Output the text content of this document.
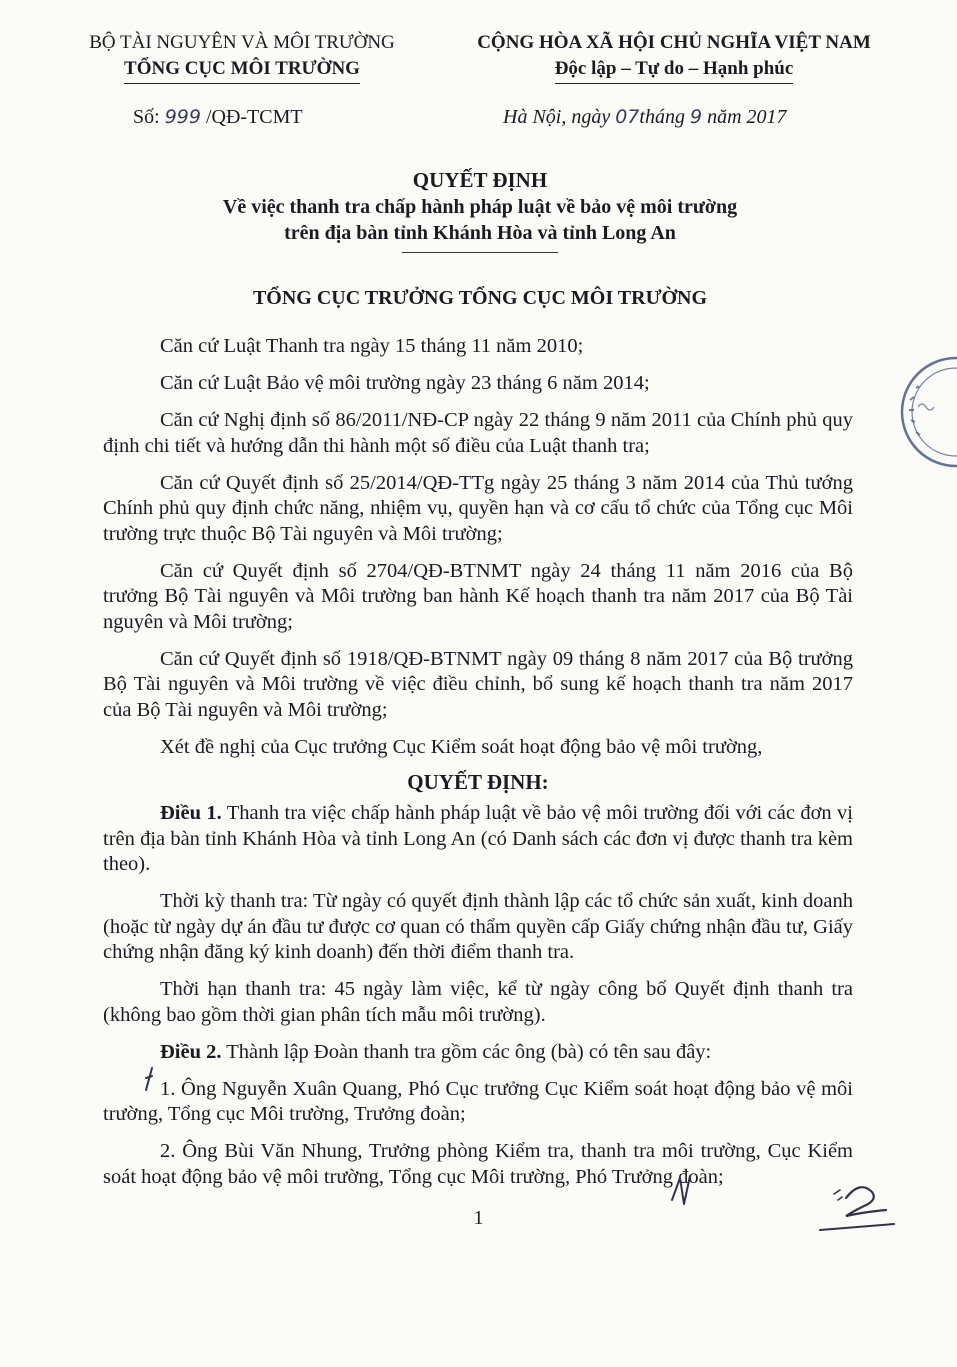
BỘ TÀI NGUYÊN VÀ MÔI TRƯỜNG
TỔNG CỤC MÔI TRƯỜNG
CỘNG HÒA XÃ HỘI CHỦ NGHĨA VIỆT NAM
Độc lập – Tự do – Hạnh phúc
Số: 999 /QĐ-TCMT	Hà Nội, ngày 07tháng 9 năm 2017
QUYẾT ĐỊNH
Về việc thanh tra chấp hành pháp luật về bảo vệ môi trường
trên địa bàn tỉnh Khánh Hòa và tỉnh Long An
TỔNG CỤC TRƯỞNG TỔNG CỤC MÔI TRƯỜNG

Căn cứ Luật Thanh tra ngày 15 tháng 11 năm 2010;

Căn cứ Luật Bảo vệ môi trường ngày 23 tháng 6 năm 2014;

Căn cứ Nghị định số 86/2011/NĐ-CP ngày 22 tháng 9 năm 2011 của Chính phủ quy định chi tiết và hướng dẫn thi hành một số điều của Luật thanh tra;

Căn cứ Quyết định số 25/2014/QĐ-TTg ngày 25 tháng 3 năm 2014 của Thủ tướng Chính phủ quy định chức năng, nhiệm vụ, quyền hạn và cơ cấu tổ chức của Tổng cục Môi trường trực thuộc Bộ Tài nguyên và Môi trường;

Căn cứ Quyết định số 2704/QĐ-BTNMT ngày 24 tháng 11 năm 2016 của Bộ trưởng Bộ Tài nguyên và Môi trường ban hành Kế hoạch thanh tra năm 2017 của Bộ Tài nguyên và Môi trường;

Căn cứ Quyết định số 1918/QĐ-BTNMT ngày 09 tháng 8 năm 2017 của Bộ trưởng Bộ Tài nguyên và Môi trường về việc điều chỉnh, bổ sung kế hoạch thanh tra năm 2017 của Bộ Tài nguyên và Môi trường;

Xét đề nghị của Cục trưởng Cục Kiểm soát hoạt động bảo vệ môi trường,

QUYẾT ĐỊNH:

Điều 1. Thanh tra việc chấp hành pháp luật về bảo vệ môi trường đối với các đơn vị trên địa bàn tỉnh Khánh Hòa và tỉnh Long An (có Danh sách các đơn vị được thanh tra kèm theo).

Thời kỳ thanh tra: Từ ngày có quyết định thành lập các tổ chức sản xuất, kinh doanh (hoặc từ ngày dự án đầu tư được cơ quan có thẩm quyền cấp Giấy chứng nhận đầu tư, Giấy chứng nhận đăng ký kinh doanh) đến thời điểm thanh tra.

Thời hạn thanh tra: 45 ngày làm việc, kể từ ngày công bố Quyết định thanh tra (không bao gồm thời gian phân tích mẫu môi trường).

Điều 2. Thành lập Đoàn thanh tra gồm các ông (bà) có tên sau đây:

1. Ông Nguyễn Xuân Quang, Phó Cục trưởng Cục Kiểm soát hoạt động bảo vệ môi trường, Tổng cục Môi trường, Trưởng đoàn;

2. Ông Bùi Văn Nhung, Trưởng phòng Kiểm tra, thanh tra môi trường, Cục Kiểm soát hoạt động bảo vệ môi trường, Tổng cục Môi trường, Phó Trưởng đoàn;

1
